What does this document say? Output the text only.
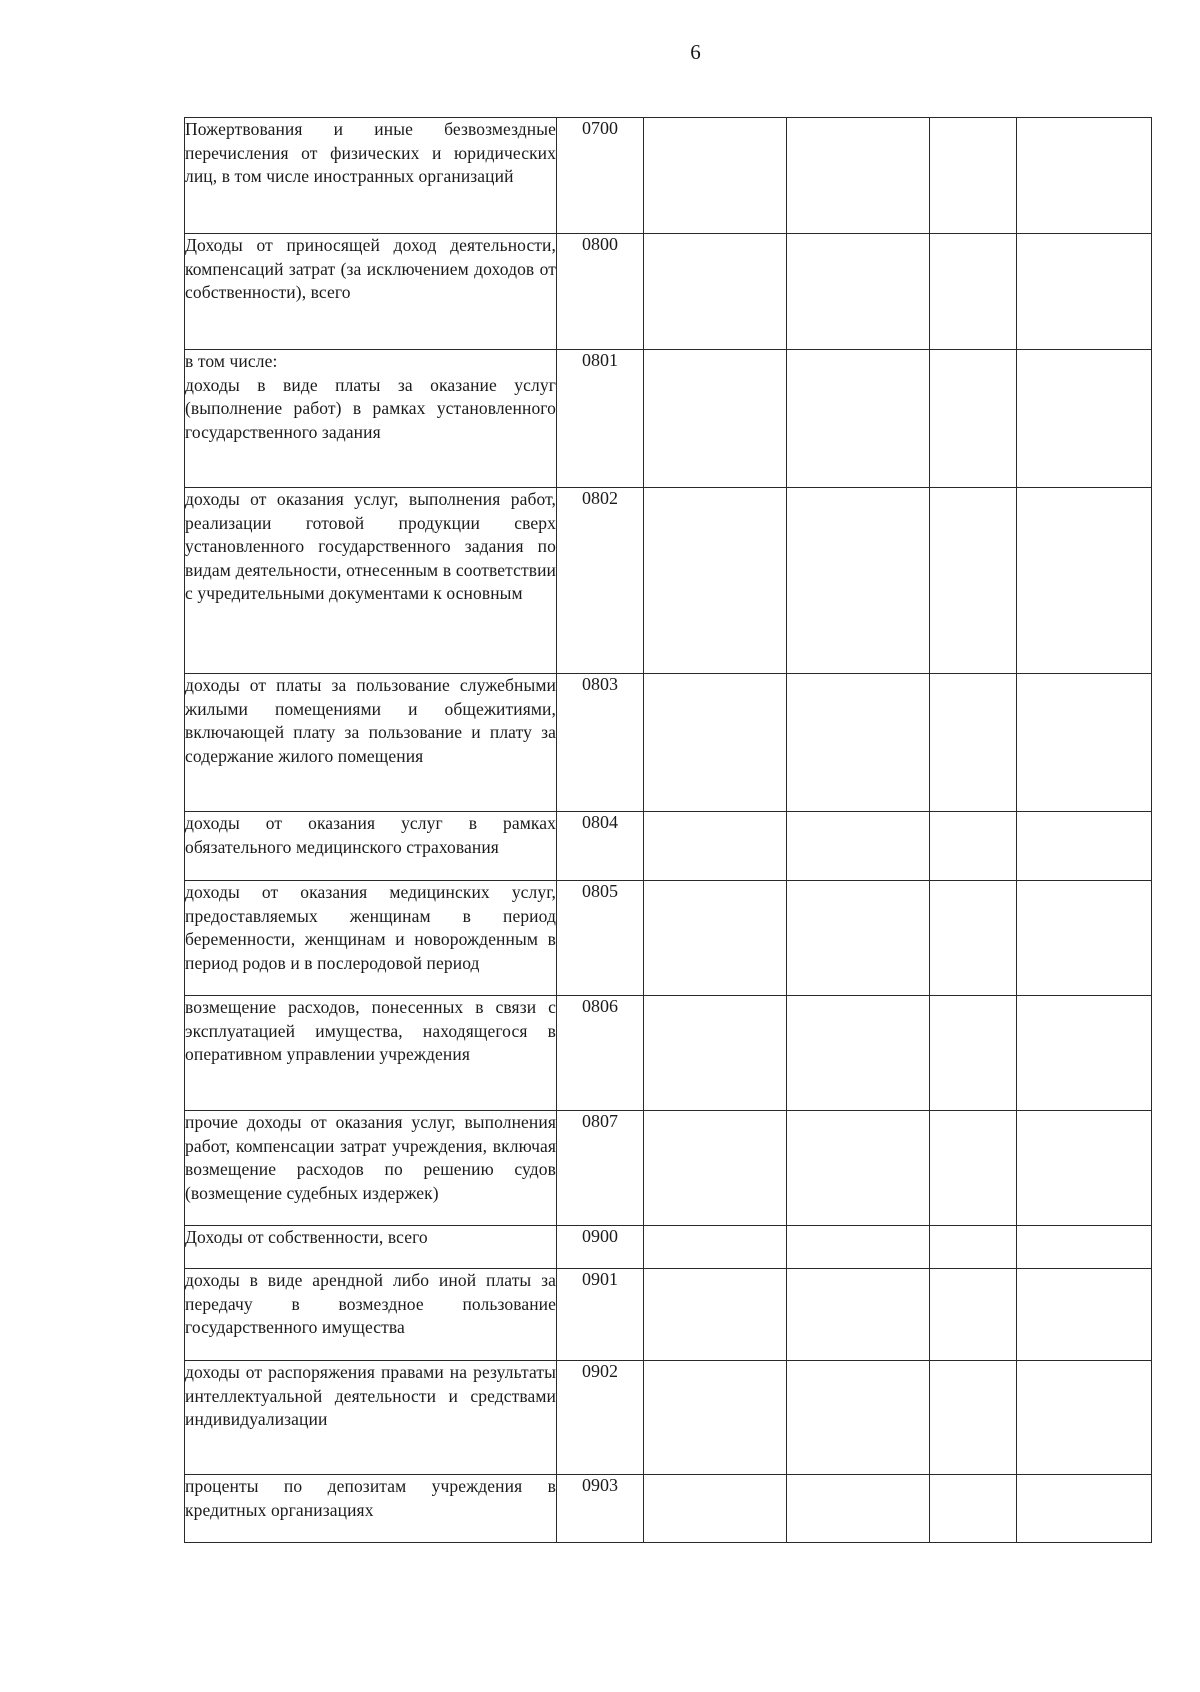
6
Пожертвования и иные безвозмездные перечисления от физических и юридических лиц, в том числе иностранных организаций	0700				

Доходы от приносящей доход деятельности, компенсаций затрат (за исключением доходов от собственности), всего	0800				

в том числе:
доходы в виде платы за оказание услуг (выполнение работ) в рамках установленного государственного задания	0801				

доходы от оказания услуг, выполнения работ, реализации готовой продукции сверх установленного государственного задания по видам деятельности, отнесенным в соответствии с учредительными документами к основным	0802				

доходы от платы за пользование служебными жилыми помещениями и общежитиями, включающей плату за пользование и плату за содержание жилого помещения	0803				

доходы от оказания услуг в рамках обязательного медицинского страхования	0804				

доходы от оказания медицинских услуг, предоставляемых женщинам в период беременности, женщинам и новорожденным в период родов и в послеродовой период	0805				

возмещение расходов, понесенных в связи с эксплуатацией имущества, находящегося в оперативном управлении учреждения	0806				

прочие доходы от оказания услуг, выполнения работ, компенсации затрат учреждения, включая возмещение расходов по решению судов (возмещение судебных издержек)	0807				

Доходы от собственности, всего	0900				

доходы в виде арендной либо иной платы за передачу в возмездное пользование государственного имущества	0901				

доходы от распоряжения правами на результаты интеллектуальной деятельности и средствами индивидуализации	0902				

проценты по депозитам учреждения в кредитных организациях	0903				
